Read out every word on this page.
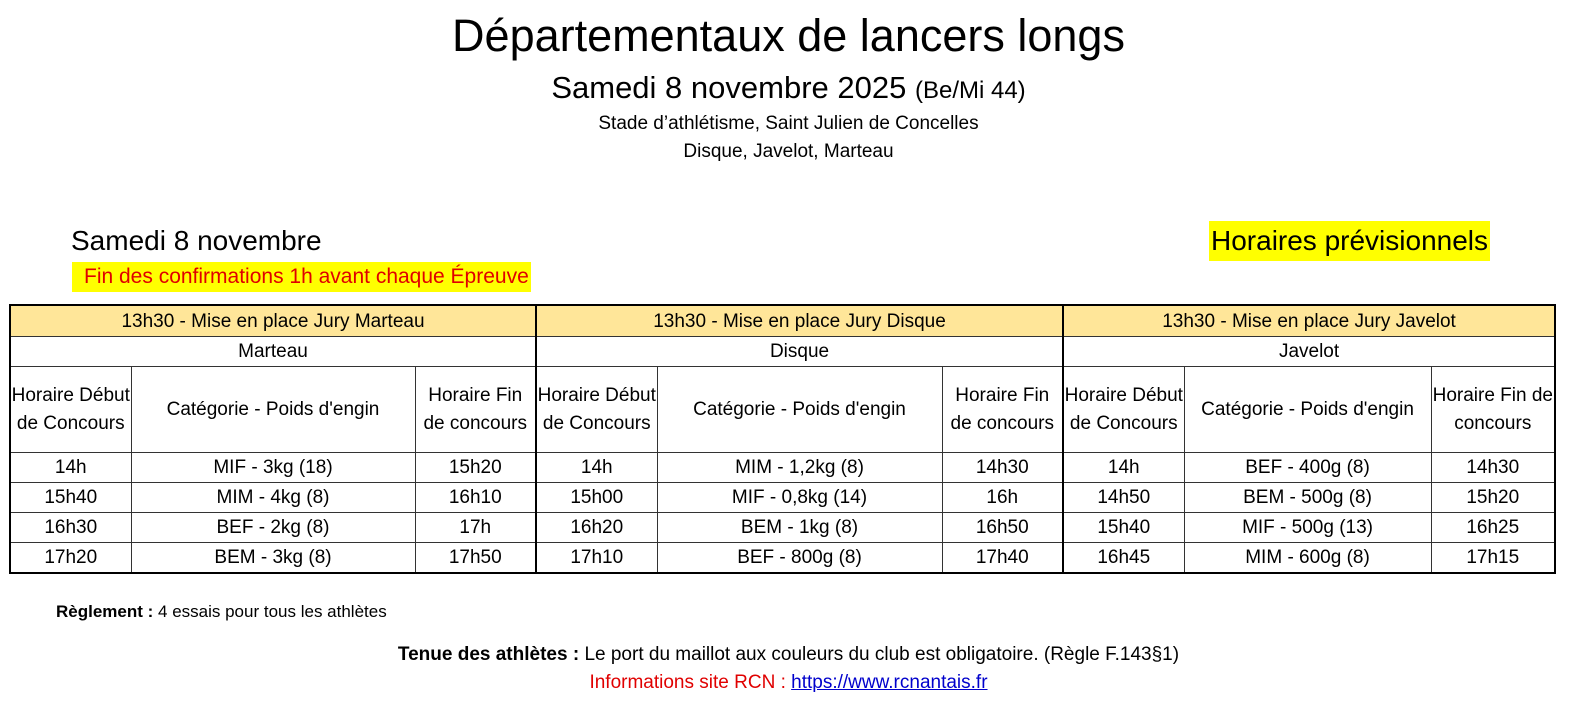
Départementaux de lancers longs
Samedi 8 novembre 2025 (Be/Mi 44)
Stade d’athlétisme, Saint Julien de Concelles
Disque, Javelot, Marteau
Samedi 8 novembre	Horaires prévisionnels
Fin des confirmations 1h avant chaque Épreuve
13h30 - Mise en place Jury Marteau			13h30 - Mise en place Jury Disque			13h30 - Mise en place Jury Javelot		
Marteau			Disque			Javelot		
Horaire Début de Concours	Catégorie - Poids d'engin	Horaire Fin de concours	Horaire Début de Concours	Catégorie - Poids d'engin	Horaire Fin de concours	Horaire Début de Concours	Catégorie - Poids d'engin	Horaire Fin de concours
14h	MIF - 3kg (18)	15h20	14h	MIM - 1,2kg (8)	14h30	14h	BEF - 400g (8)	14h30
15h40	MIM - 4kg (8)	16h10	15h00	MIF - 0,8kg (14)	16h	14h50	BEM - 500g (8)	15h20
16h30	BEF - 2kg (8)	17h	16h20	BEM - 1kg (8)	16h50	15h40	MIF - 500g (13)	16h25
17h20	BEM - 3kg (8)	17h50	17h10	BEF - 800g (8)	17h40	16h45	MIM - 600g (8)	17h15
Règlement : 4 essais pour tous les athlètes
Tenue des athlètes : Le port du maillot aux couleurs du club est obligatoire. (Règle F.143§1)
Informations site RCN : https://www.rcnantais.fr
